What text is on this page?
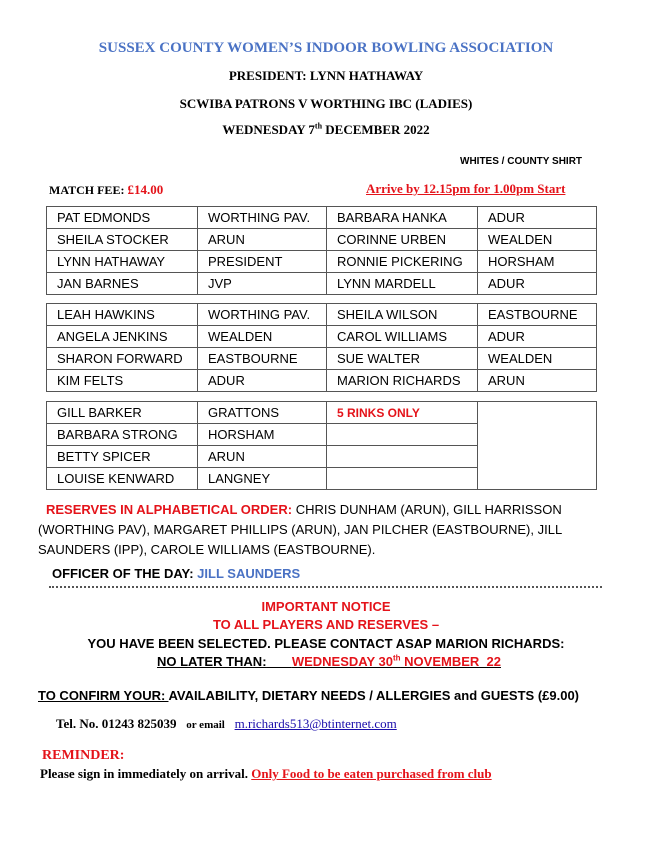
SUSSEX COUNTY WOMEN’S INDOOR BOWLING ASSOCIATION
PRESIDENT: LYNN HATHAWAY
SCWIBA PATRONS V WORTHING IBC (LADIES)
WEDNESDAY 7th DECEMBER 2022
WHITES / COUNTY SHIRT
MATCH FEE: £14.00	Arrive by 12.15pm for 1.00pm Start
PAT EDMONDS	WORTHING PAV.	BARBARA HANKA	ADUR
SHEILA STOCKER	ARUN	CORINNE URBEN	WEALDEN
LYNN HATHAWAY	PRESIDENT	RONNIE PICKERING	HORSHAM
JAN BARNES	JVP	LYNN MARDELL	ADUR
LEAH HAWKINS	WORTHING PAV.	SHEILA WILSON	EASTBOURNE
ANGELA JENKINS	WEALDEN	CAROL WILLIAMS	ADUR
SHARON FORWARD	EASTBOURNE	SUE WALTER	WEALDEN
KIM FELTS	ADUR	MARION RICHARDS	ARUN
GILL BARKER	GRATTONS	5 RINKS ONLY	
BARBARA STRONG	HORSHAM		
BETTY SPICER	ARUN		
LOUISE KENWARD	LANGNEY		
RESERVES IN ALPHABETICAL ORDER: CHRIS DUNHAM (ARUN), GILL HARRISSON (WORTHING PAV), MARGARET PHILLIPS (ARUN), JAN PILCHER (EASTBOURNE), JILL SAUNDERS (IPP), CAROLE WILLIAMS (EASTBOURNE).
OFFICER OF THE DAY: JILL SAUNDERS
IMPORTANT NOTICE
TO ALL PLAYERS AND RESERVES –
YOU HAVE BEEN SELECTED. PLEASE CONTACT ASAP MARION RICHARDS:
NO LATER THAN: WEDNESDAY 30th NOVEMBER  22
TO CONFIRM YOUR: AVAILABILITY, DIETARY NEEDS / ALLERGIES and GUESTS (£9.00)
Tel. No. 01243 825039 or email m.richards513@btinternet.com
REMINDER:
Please sign in immediately on arrival. Only Food to be eaten purchased from club
